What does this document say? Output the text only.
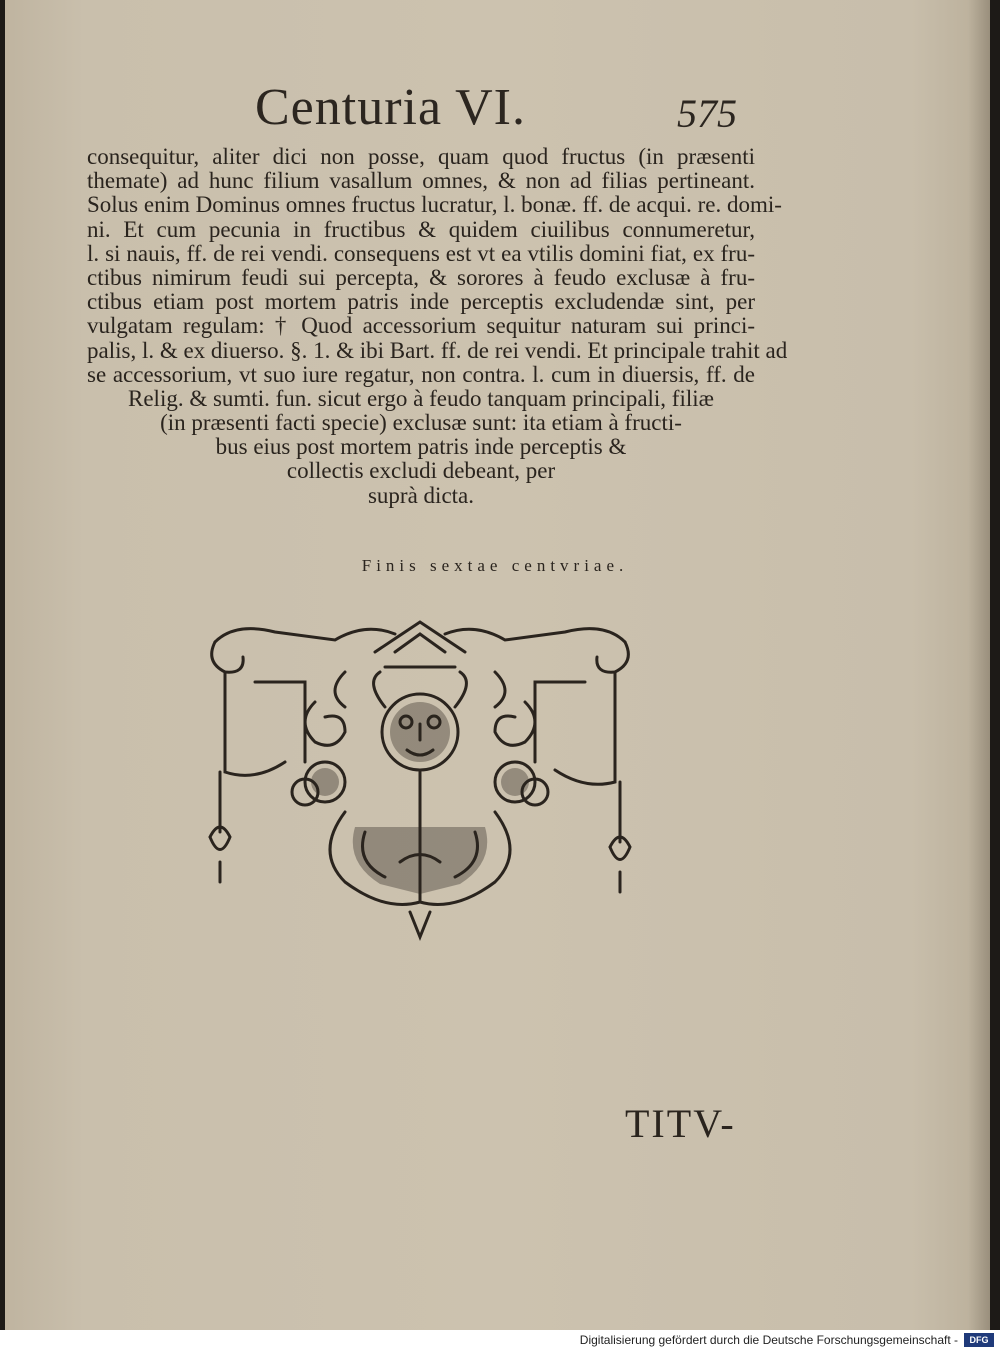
Centuria VI.	575
consequitur, aliter dici non posse, quam quod fructus (in præsenti
themate) ad hunc filium vasallum omnes, & non ad filias pertineant.
Solus enim Dominus omnes fructus lucratur, l. bonæ. ff. de acqui. re. domi-
ni. Et cum pecunia in fructibus & quidem ciuilibus connumeretur,
l. si nauis, ff. de rei vendi. consequens est vt ea vtilis domini fiat, ex fru-
ctibus nimirum feudi sui percepta, & sorores à feudo exclusæ à fru-
ctibus etiam post mortem patris inde perceptis excludendæ sint, per
vulgatam regulam: † Quod accessorium sequitur naturam sui princi-
palis, l. & ex diuerso. §. 1. & ibi Bart. ff. de rei vendi. Et principale trahit ad
se accessorium, vt suo iure regatur, non contra. l. cum in diuersis, ff. de
Relig. & sumti. fun. sicut ergo à feudo tanquam principali, filiæ
(in præsenti facti specie) exclusæ sunt: ita etiam à fructi-
bus eius post mortem patris inde perceptis &
collectis excludi debeant, per
suprà dicta.
Finis sextae centvriae.
TITV-
Digitalisierung gefördert durch die Deutsche Forschungsgemeinschaft -	DFG
